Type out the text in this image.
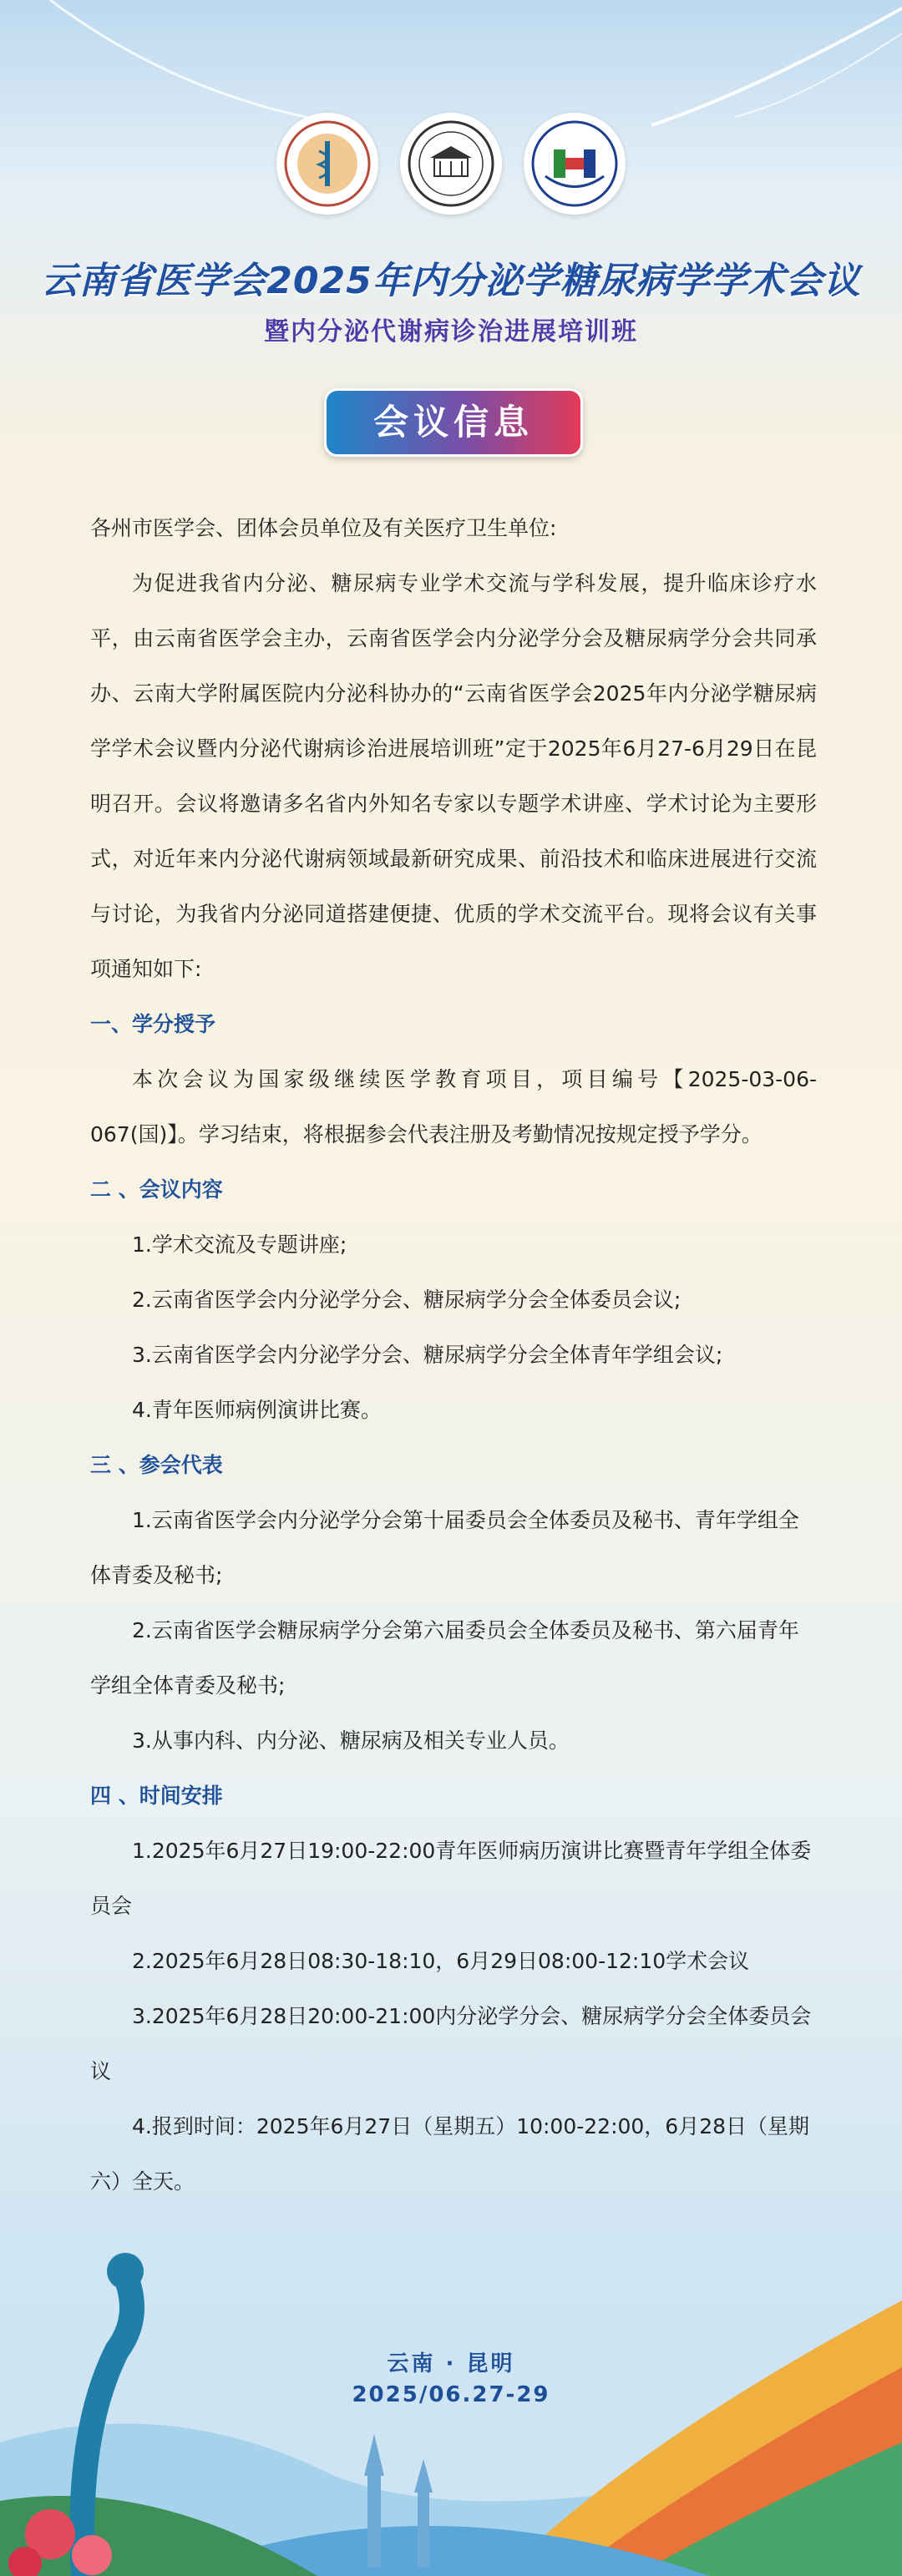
云南省医学会2025年内分泌学糖尿病学学术会议
暨内分泌代谢病诊治进展培训班
会议信息

各州市医学会、团体会员单位及有关医疗卫生单位:

为促进我省内分泌、糖尿病专业学术交流与学科发展，提升临床诊疗水平，由云南省医学会主办，云南省医学会内分泌学分会及糖尿病学分会共同承办、云南大学附属医院内分泌科协办的“云南省医学会2025年内分泌学糖尿病学学术会议暨内分泌代谢病诊治进展培训班”定于2025年6月27-6月29日在昆明召开。会议将邀请多名省内外知名专家以专题学术讲座、学术讨论为主要形式，对近年来内分泌代谢病领域最新研究成果、前沿技术和临床进展进行交流与讨论，为我省内分泌同道搭建便捷、优质的学术交流平台。现将会议有关事项通知如下:

一、学分授予

本次会议为国家级继续医学教育项目，项目编号【2025-03-06-067(国)】。学习结束，将根据参会代表注册及考勤情况按规定授予学分。

二 、会议内容

1.学术交流及专题讲座;

2.云南省医学会内分泌学分会、糖尿病学分会全体委员会议;

3.云南省医学会内分泌学分会、糖尿病学分会全体青年学组会议;

4.青年医师病例演讲比赛。

三 、参会代表

1.云南省医学会内分泌学分会第十届委员会全体委员及秘书、青年学组全体青委及秘书;

2.云南省医学会糖尿病学分会第六届委员会全体委员及秘书、第六届青年学组全体青委及秘书;

3.从事内科、内分泌、糖尿病及相关专业人员。

四 、时间安排

1.2025年6月27日19:00-22:00青年医师病历演讲比赛暨青年学组全体委员会

2.2025年6月28日08:30-18:10，6月29日08:00-12:10学术会议

3.2025年6月28日20:00-21:00内分泌学分会、糖尿病学分会全体委员会议

4.报到时间：2025年6月27日（星期五）10:00-22:00，6月28日（星期六）全天。

云南 · 昆明
2025/06.27-29
